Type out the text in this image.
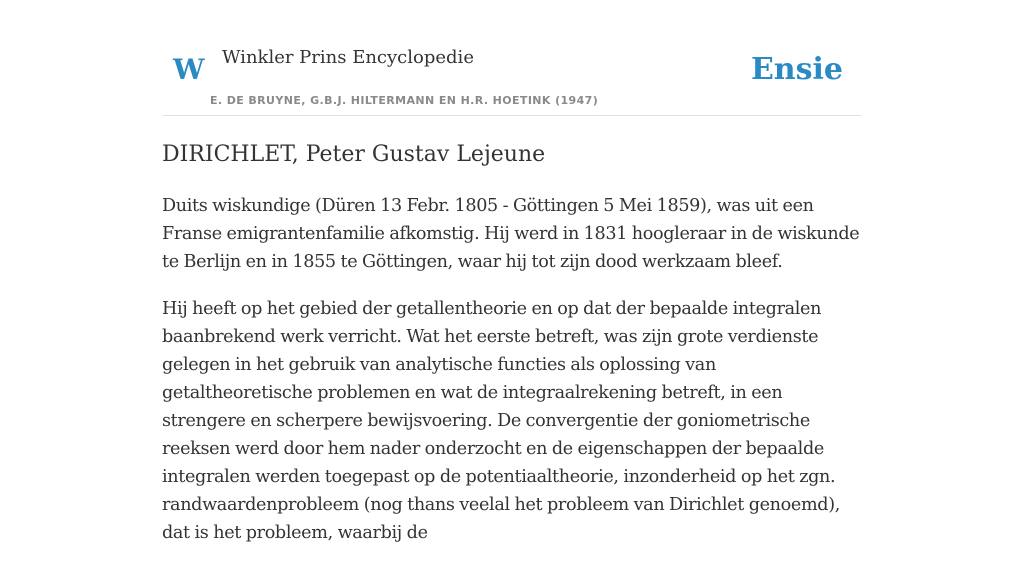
W Winkler Prins Encyclopedie
E. DE BRUYNE, G.B.J. HILTERMANN EN H.R. HOETINK (1947)
Ensie
DIRICHLET, Peter Gustav Lejeune

Duits wiskundige (Düren 13 Febr. 1805 - Göttingen 5 Mei 1859), was uit een Franse emigrantenfamilie afkomstig. Hij werd in 1831 hoogleraar in de wiskunde te Berlijn en in 1855 te Göttingen, waar hij tot zijn dood werkzaam bleef.

Hij heeft op het gebied der getallentheorie en op dat der bepaalde integralen baanbrekend werk verricht. Wat het eerste betreft, was zijn grote verdienste gelegen in het gebruik van analytische functies als oplossing van getaltheoretische problemen en wat de integraalrekening betreft, in een strengere en scherpere bewijsvoering. De convergentie der goniometrische reeksen werd door hem nader onderzocht en de eigenschappen der bepaalde integralen werden toegepast op de potentiaaltheorie, inzonderheid op het zgn. randwaardenprobleem (nog thans veelal het probleem van Dirichlet genoemd), dat is het probleem, waarbij de
